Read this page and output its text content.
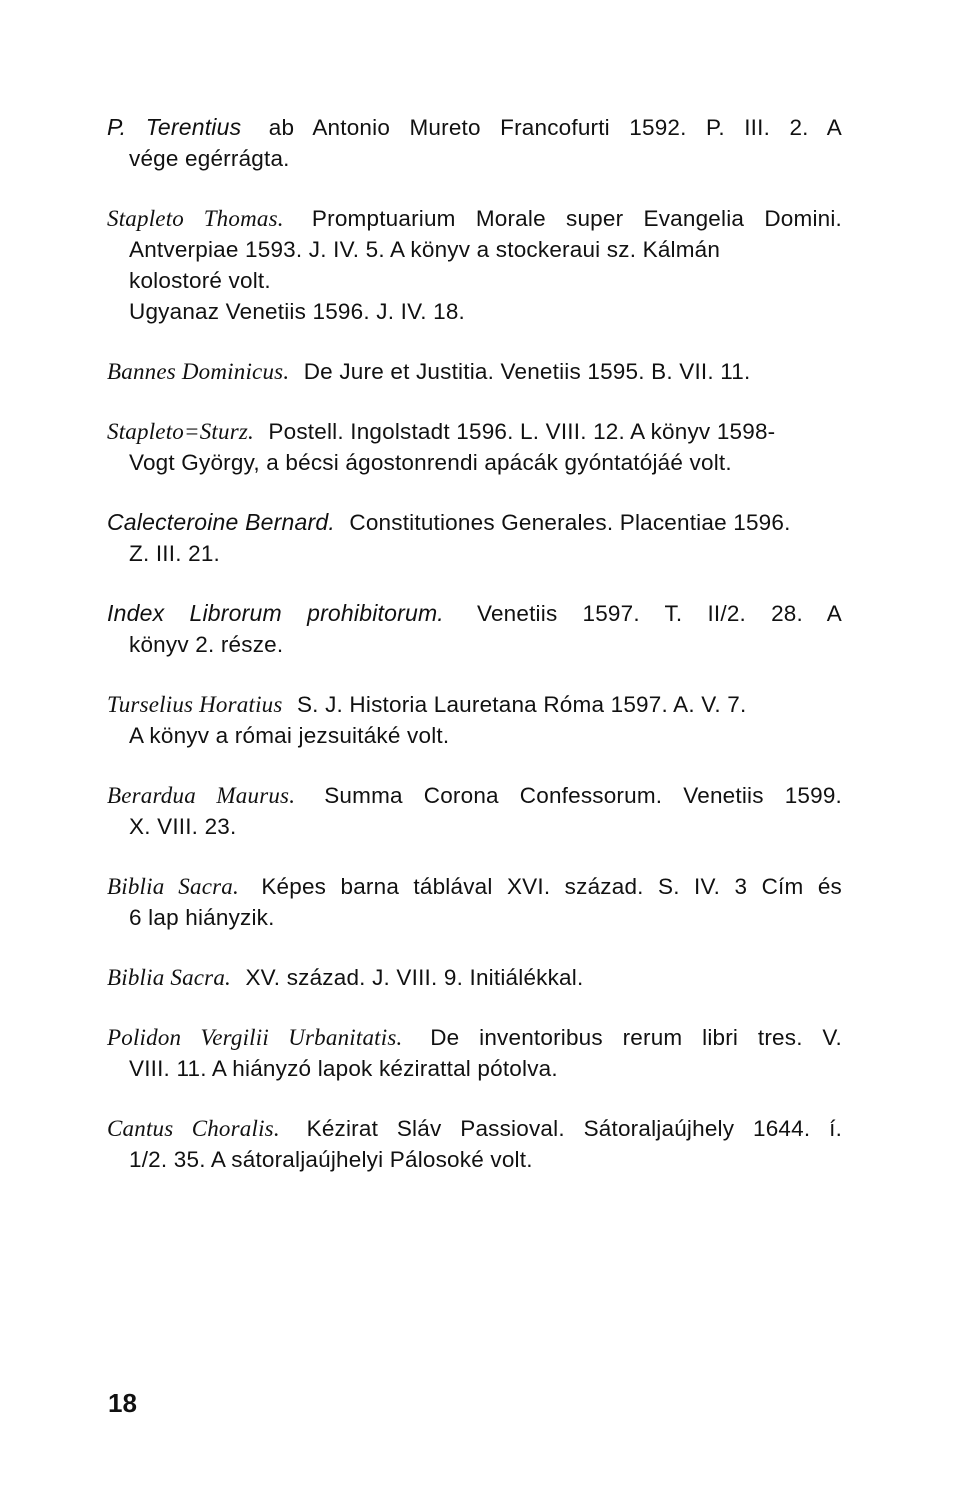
P. Terentius ab Antonio Mureto Francofurti 1592. P. III. 2. A
vége egérrágta.
Stapleto Thomas. Promptuarium Morale super Evangelia Domini.
Antverpiae 1593. J. IV. 5. A könyv a stockeraui sz. Kálmán
kolostoré volt.
Ugyanaz Venetiis 1596. J. IV. 18.
Bannes Dominicus. De Jure et Justitia. Venetiis 1595. B. VII. 11.
Stapleto=Sturz. Postell. Ingolstadt 1596. L. VIII. 12. A könyv 1598-
Vogt György, a bécsi ágostonrendi apácák gyóntatójáé volt.
Calecteroine Bernard. Constitutiones Generales. Placentiae 1596.
Z. III. 21.
Index Librorum prohibitorum. Venetiis 1597. T. II/2. 28. A
könyv 2. része.
Turselius Horatius S. J. Historia Lauretana Róma 1597. A. V. 7.
A könyv a római jezsuitáké volt.
Berardua Maurus. Summa Corona Confessorum. Venetiis 1599.
X. VIII. 23.
Biblia Sacra. Képes barna táblával XVI. század. S. IV. 3 Cím és
6 lap hiányzik.
Biblia Sacra. XV. század. J. VIII. 9. Initiálékkal.
Polidon Vergilii Urbanitatis. De inventoribus rerum libri tres. V.
VIII. 11. A hiányzó lapok kézirattal pótolva.
Cantus Choralis. Kézirat Sláv Passioval. Sátoraljaújhely 1644. í.
1/2. 35. A sátoraljaújhelyi Pálosoké volt.
18
